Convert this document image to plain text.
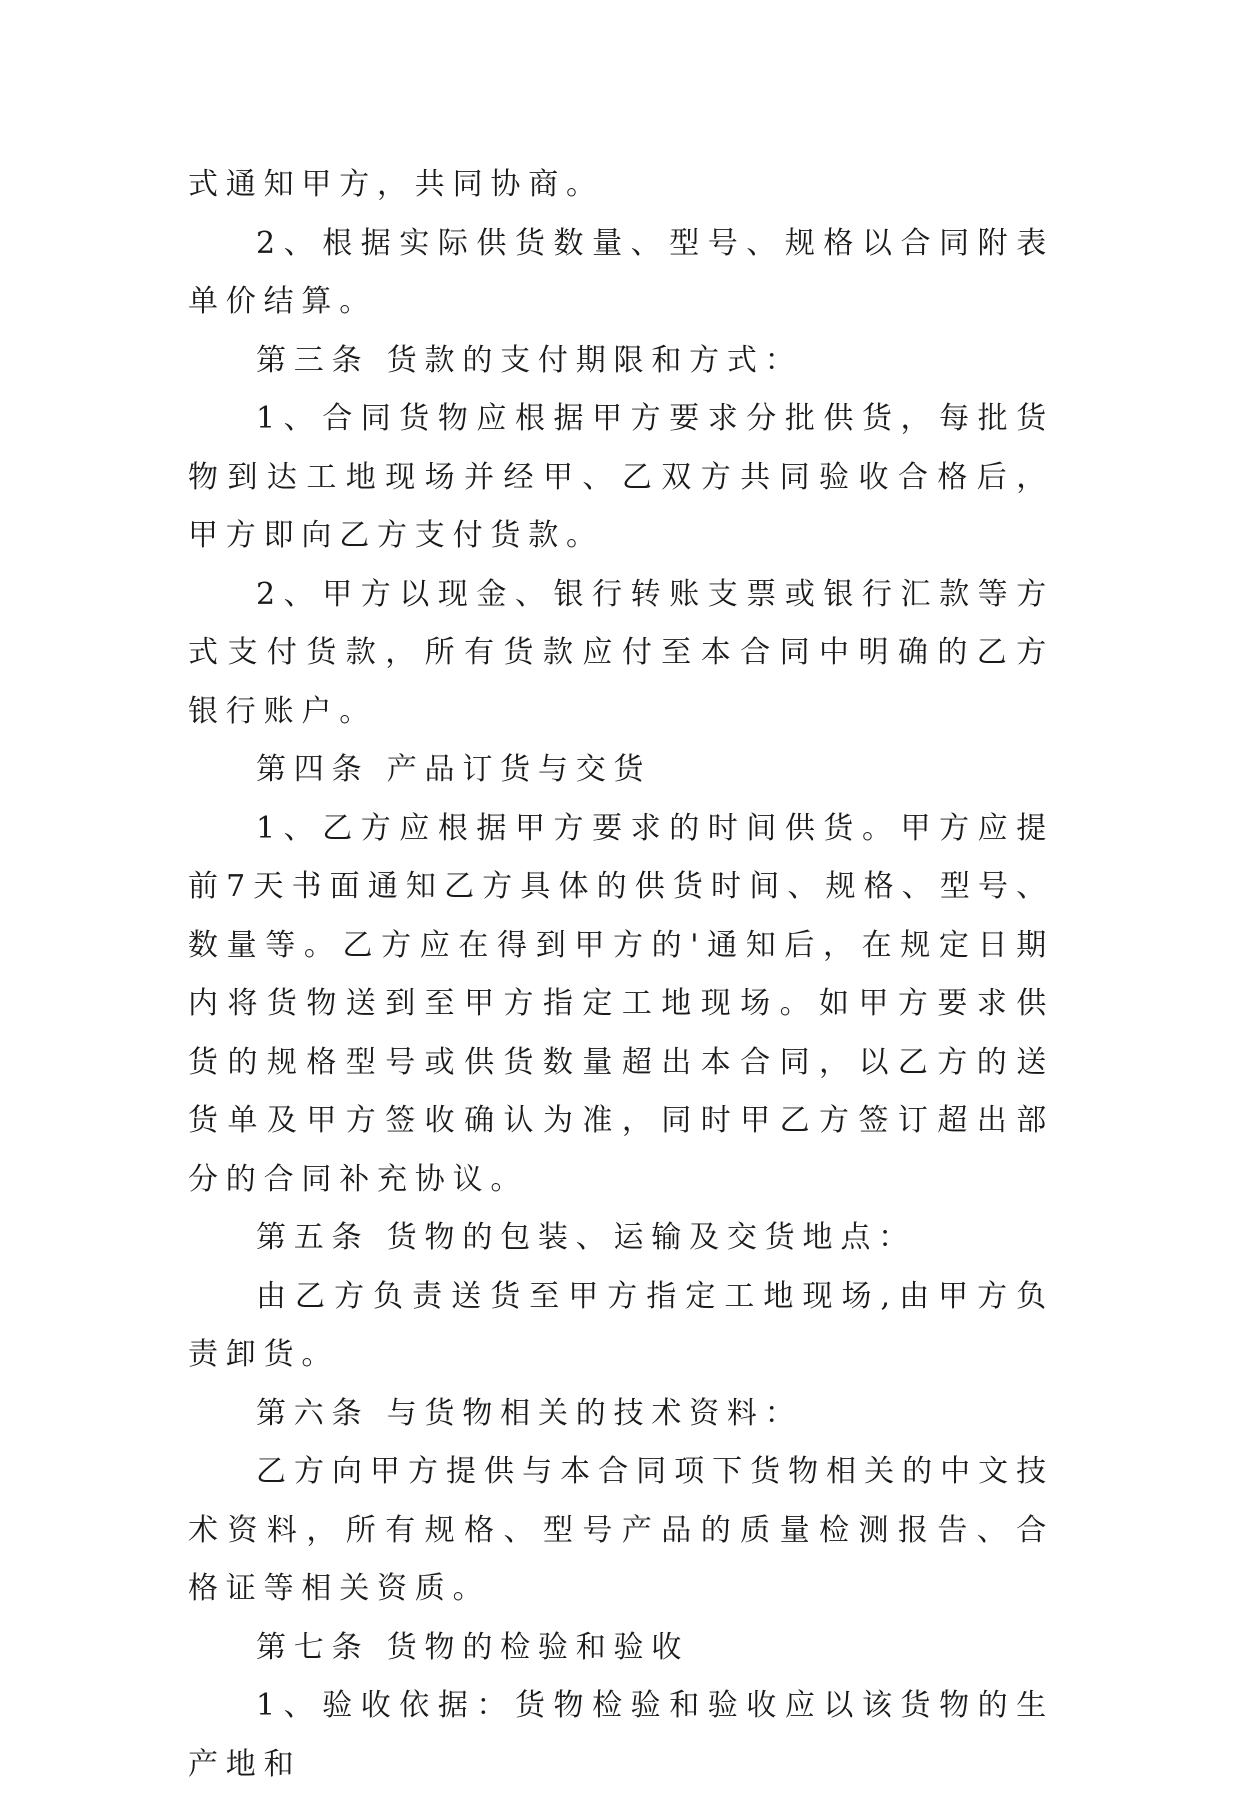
式通知甲方，共同协商。

2、根据实际供货数量、型号、规格以合同附表单价结算。

第三条 货款的支付期限和方式：

1、合同货物应根据甲方要求分批供货，每批货物到达工地现场并经甲、乙双方共同验收合格后，甲方即向乙方支付货款。

2、甲方以现金、银行转账支票或银行汇款等方式支付货款，所有货款应付至本合同中明确的乙方银行账户。

第四条 产品订货与交货

1、乙方应根据甲方要求的时间供货。甲方应提前7天书面通知乙方具体的供货时间、规格、型号、数量等。乙方应在得到甲方的'通知后，在规定日期内将货物送到至甲方指定工地现场。如甲方要求供货的规格型号或供货数量超出本合同，以乙方的送货单及甲方签收确认为准，同时甲乙方签订超出部分的合同补充协议。

第五条 货物的包装、运输及交货地点：

由乙方负责送货至甲方指定工地现场,由甲方负责卸货。

第六条 与货物相关的技术资料：

乙方向甲方提供与本合同项下货物相关的中文技术资料，所有规格、型号产品的质量检测报告、合格证等相关资质。

第七条 货物的检验和验收

1、验收依据：货物检验和验收应以该货物的生产地和
